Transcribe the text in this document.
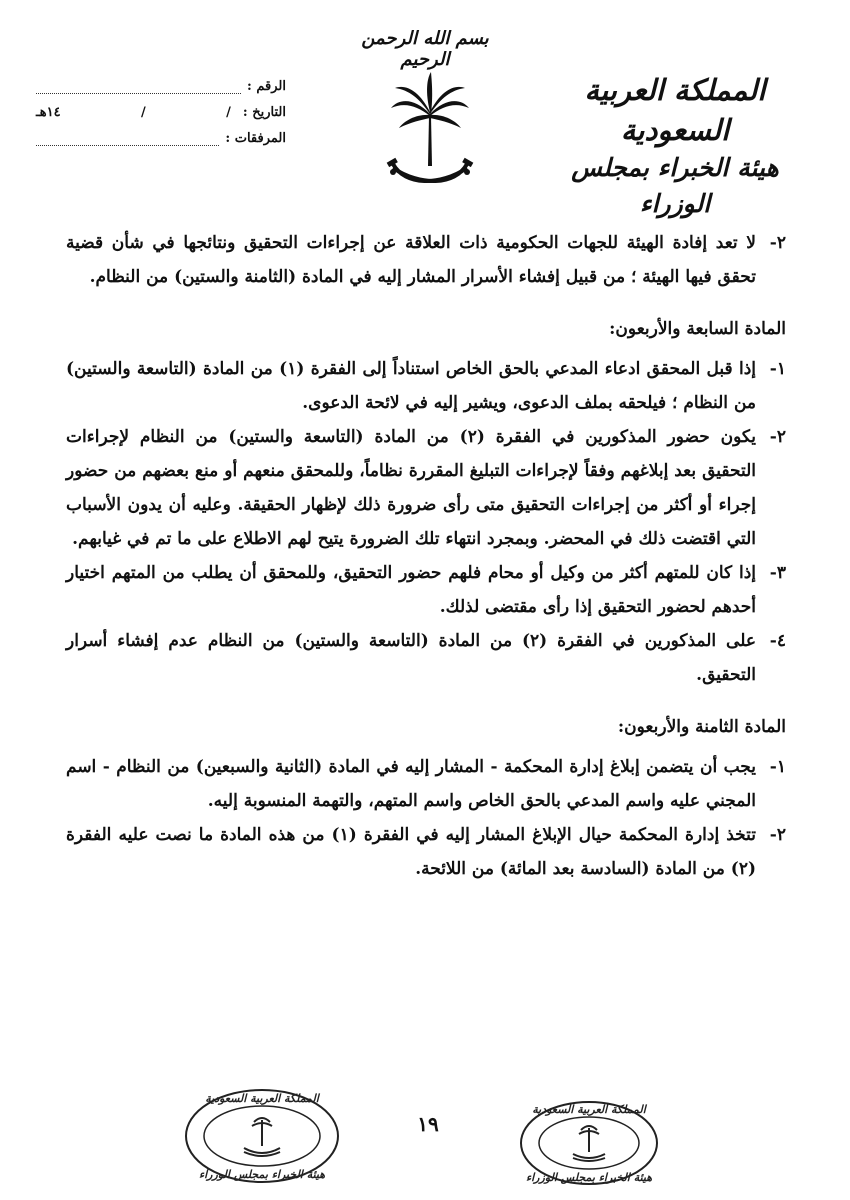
بسم الله الرحمن الرحيم
المملكة العربية السعودية
هيئة الخبراء بمجلس الوزراء
الرقم
:
التاريخ
:
/
/
١٤هـ
المرفقات
:
٢-
لا تعد إفادة الهيئة للجهات الحكومية ذات العلاقة عن إجراءات التحقيق ونتائجها في شأن قضية تحقق فيها الهيئة ؛ من قبيل إفشاء الأسرار المشار إليه في المادة (الثامنة والستين) من النظام.
المادة السابعة والأربعون:
١-
إذا قبل المحقق ادعاء المدعي بالحق الخاص استناداً إلى الفقرة (١) من المادة (التاسعة والستين) من النظام ؛ فيلحقه بملف الدعوى، ويشير إليه في لائحة الدعوى.
٢-
يكون حضور المذكورين في الفقرة (٢) من المادة (التاسعة والستين) من النظام لإجراءات التحقيق بعد إبلاغهم وفقاً لإجراءات التبليغ المقررة نظاماً، وللمحقق منعهم أو منع بعضهم من حضور إجراء أو أكثر من إجراءات التحقيق متى رأى ضرورة ذلك لإظهار الحقيقة. وعليه أن يدون الأسباب التي اقتضت ذلك في المحضر. وبمجرد انتهاء تلك الضرورة يتيح لهم الاطلاع على ما تم في غيابهم.
٣-
إذا كان للمتهم أكثر من وكيل أو محام فلهم حضور التحقيق، وللمحقق أن يطلب من المتهم اختيار أحدهم لحضور التحقيق إذا رأى مقتضى لذلك.
٤-
على المذكورين في الفقرة (٢) من المادة (التاسعة والستين) من النظام عدم إفشاء أسرار التحقيق.
المادة الثامنة والأربعون:
١-
يجب أن يتضمن إبلاغ إدارة المحكمة - المشار إليه في المادة (الثانية والسبعين) من النظام - اسم المجني عليه واسم المدعي بالحق الخاص واسم المتهم، والتهمة المنسوبة إليه.
٢-
تتخذ إدارة المحكمة حيال الإبلاغ المشار إليه في الفقرة (١) من هذه المادة ما نصت عليه الفقرة (٢) من المادة (السادسة بعد المائة) من اللائحة.
المملكة العربية السعودية
هيئة الخبراء بمجلس الوزراء
١٩
المملكة العربية السعودية
هيئة الخبراء بمجلس الوزراء
